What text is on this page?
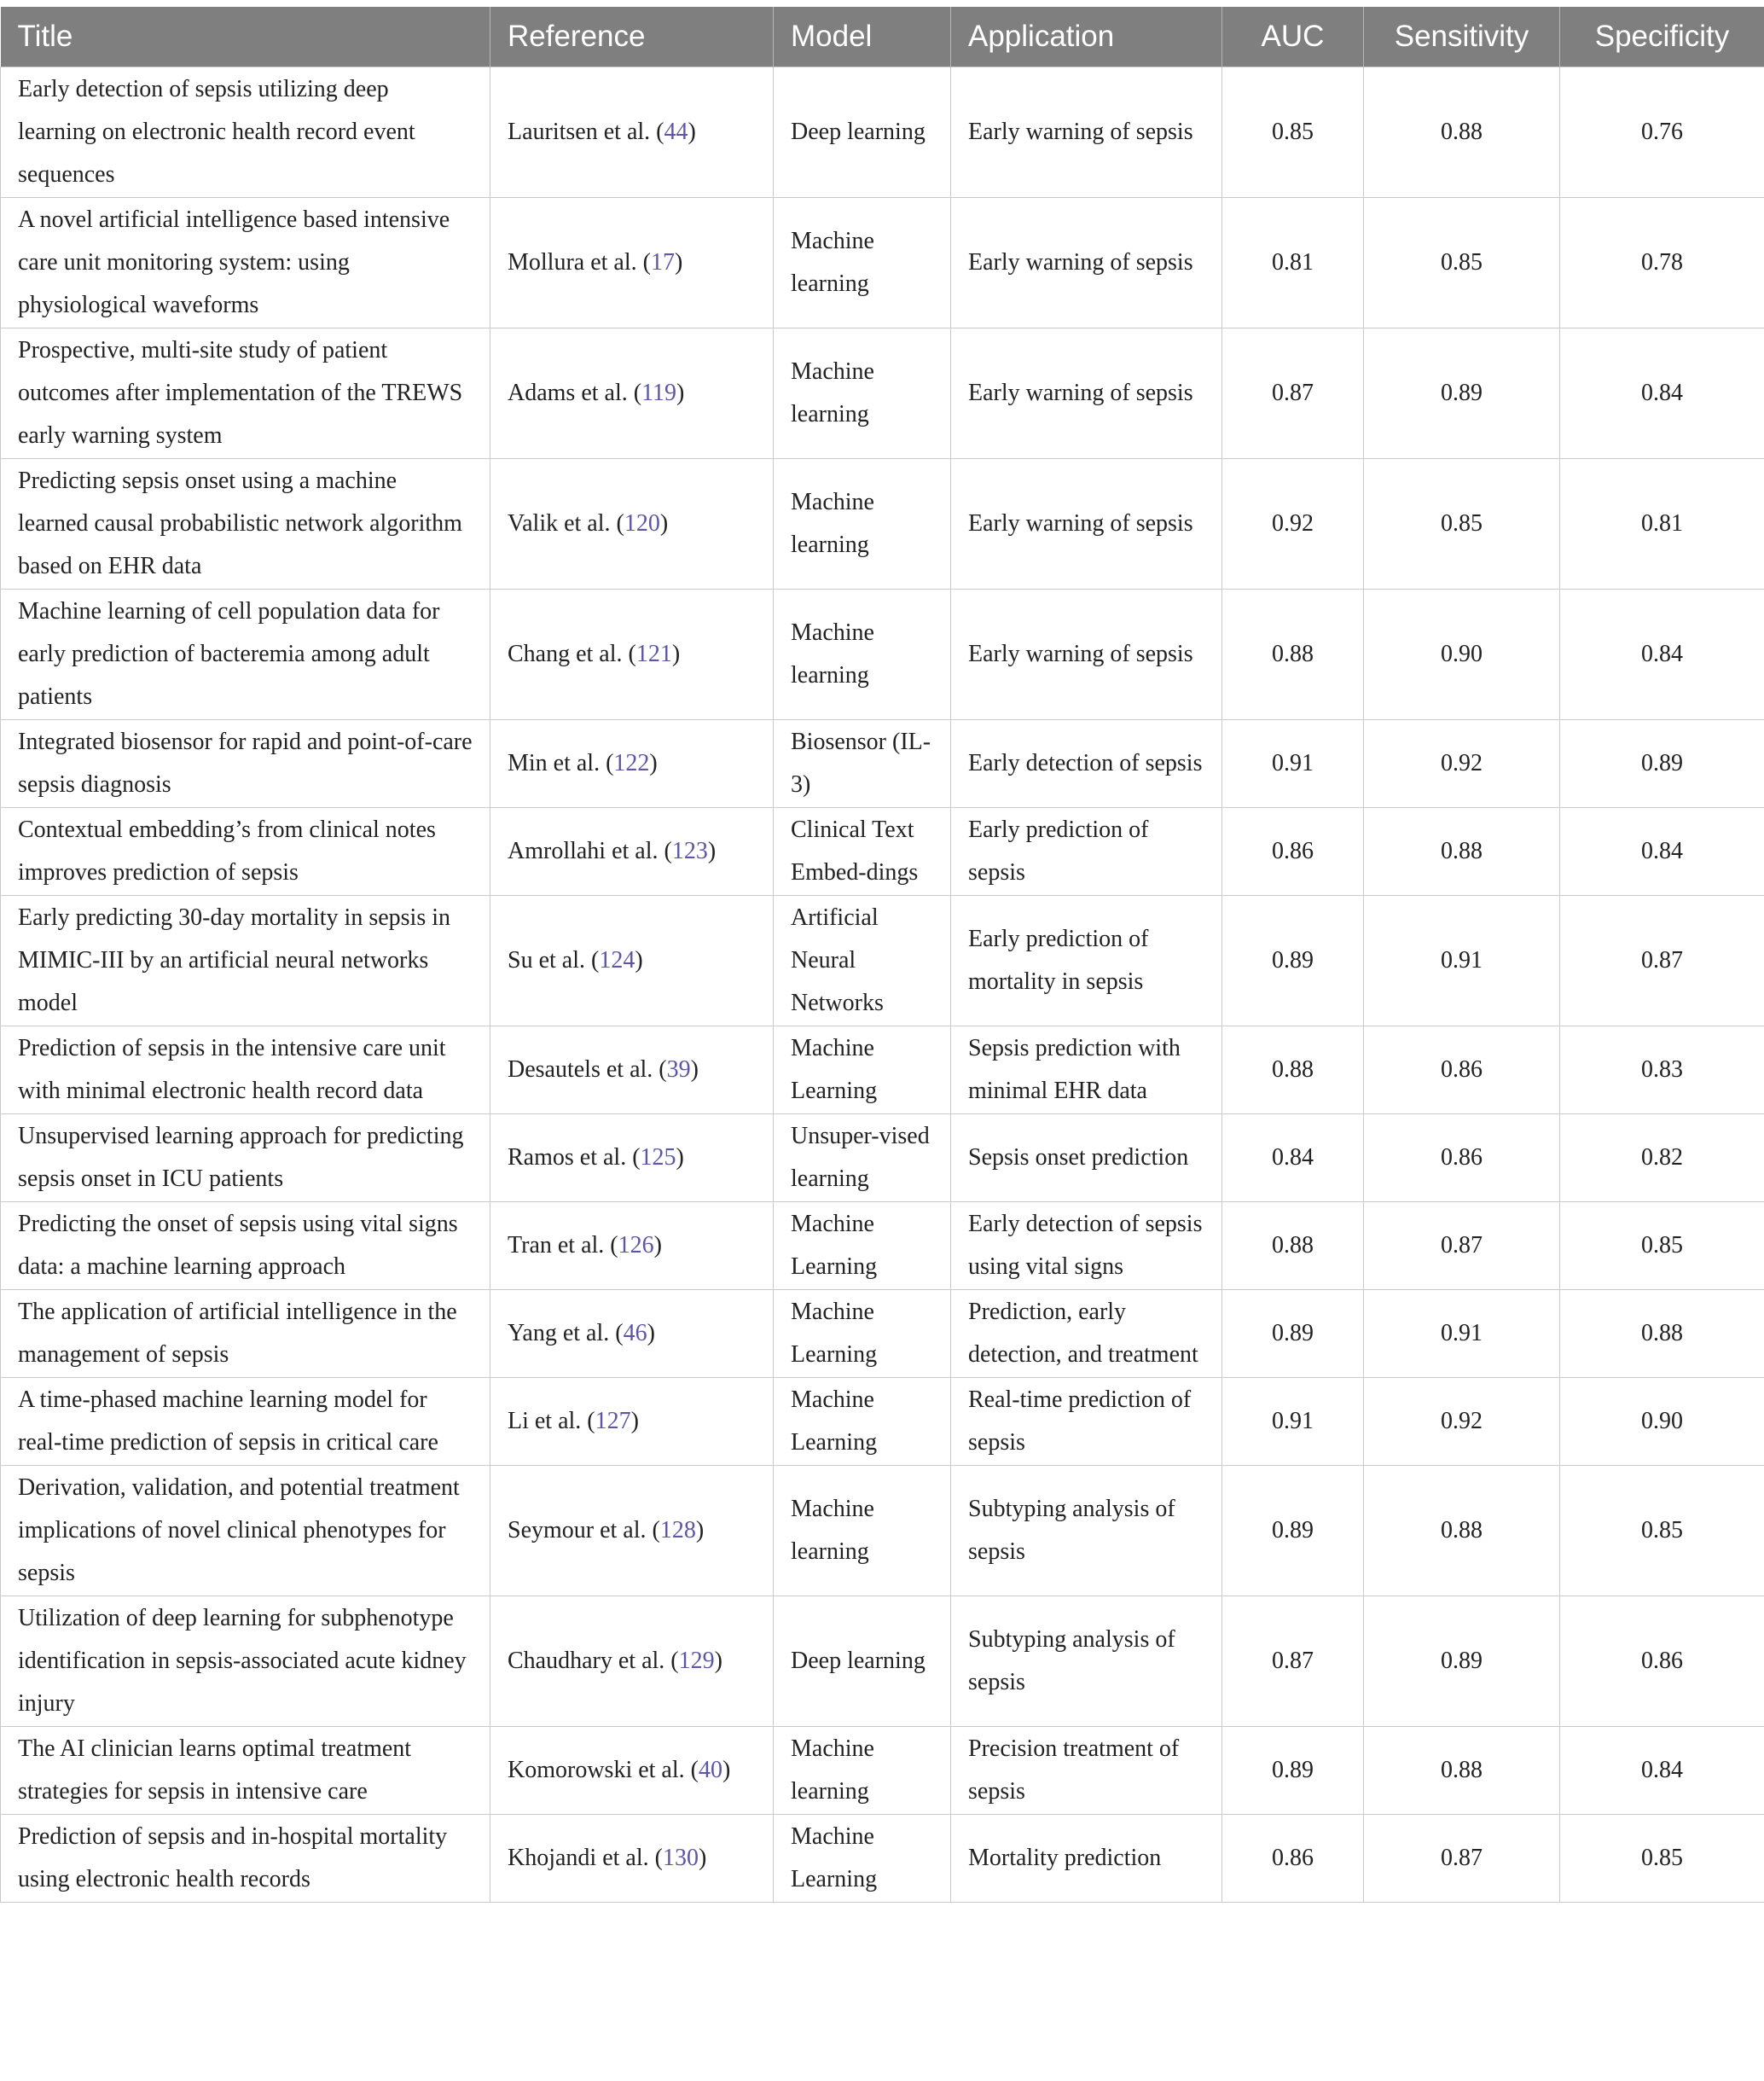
Title	Reference	Model	Application	AUC	Sensitivity	Specificity
Early detection of sepsis utilizing deep learning on electronic health record event sequences	Lauritsen et al. (44)	Deep learning	Early warning of sepsis	0.85	0.88	0.76
A novel artificial intelligence based intensive care unit monitoring system: using physiological waveforms	Mollura et al. (17)	Machine learning	Early warning of sepsis	0.81	0.85	0.78
Prospective, multi-site study of patient outcomes after implementation of the TREWS early warning system	Adams et al. (119)	Machine learning	Early warning of sepsis	0.87	0.89	0.84
Predicting sepsis onset using a machine learned causal probabilistic network algorithm based on EHR data	Valik et al. (120)	Machine learning	Early warning of sepsis	0.92	0.85	0.81
Machine learning of cell population data for early prediction of bacteremia among adult patients	Chang et al. (121)	Machine learning	Early warning of sepsis	0.88	0.90	0.84
Integrated biosensor for rapid and point-of-care sepsis diagnosis	Min et al. (122)	Biosensor (IL-3)	Early detection of sepsis	0.91	0.92	0.89
Contextual embedding’s from clinical notes improves prediction of sepsis	Amrollahi et al. (123)	Clinical Text Embed-dings	Early prediction of sepsis	0.86	0.88	0.84
Early predicting 30-day mortality in sepsis in MIMIC-III by an artificial neural networks model	Su et al. (124)	Artificial Neural Networks	Early prediction of mortality in sepsis	0.89	0.91	0.87
Prediction of sepsis in the intensive care unit with minimal electronic health record data	Desautels et al. (39)	Machine Learning	Sepsis prediction with minimal EHR data	0.88	0.86	0.83
Unsupervised learning approach for predicting sepsis onset in ICU patients	Ramos et al. (125)	Unsuper-vised learning	Sepsis onset prediction	0.84	0.86	0.82
Predicting the onset of sepsis using vital signs data: a machine learning approach	Tran et al. (126)	Machine Learning	Early detection of sepsis using vital signs	0.88	0.87	0.85
The application of artificial intelligence in the management of sepsis	Yang et al. (46)	Machine Learning	Prediction, early detection, and treatment	0.89	0.91	0.88
A time-phased machine learning model for real-time prediction of sepsis in critical care	Li et al. (127)	Machine Learning	Real-time prediction of sepsis	0.91	0.92	0.90
Derivation, validation, and potential treatment implications of novel clinical phenotypes for sepsis	Seymour et al. (128)	Machine learning	Subtyping analysis of sepsis	0.89	0.88	0.85
Utilization of deep learning for subphenotype identification in sepsis-associated acute kidney injury	Chaudhary et al. (129)	Deep learning	Subtyping analysis of sepsis	0.87	0.89	0.86
The AI clinician learns optimal treatment strategies for sepsis in intensive care	Komorowski et al. (40)	Machine learning	Precision treatment of sepsis	0.89	0.88	0.84
Prediction of sepsis and in-hospital mortality using electronic health records	Khojandi et al. (130)	Machine Learning	Mortality prediction	0.86	0.87	0.85
